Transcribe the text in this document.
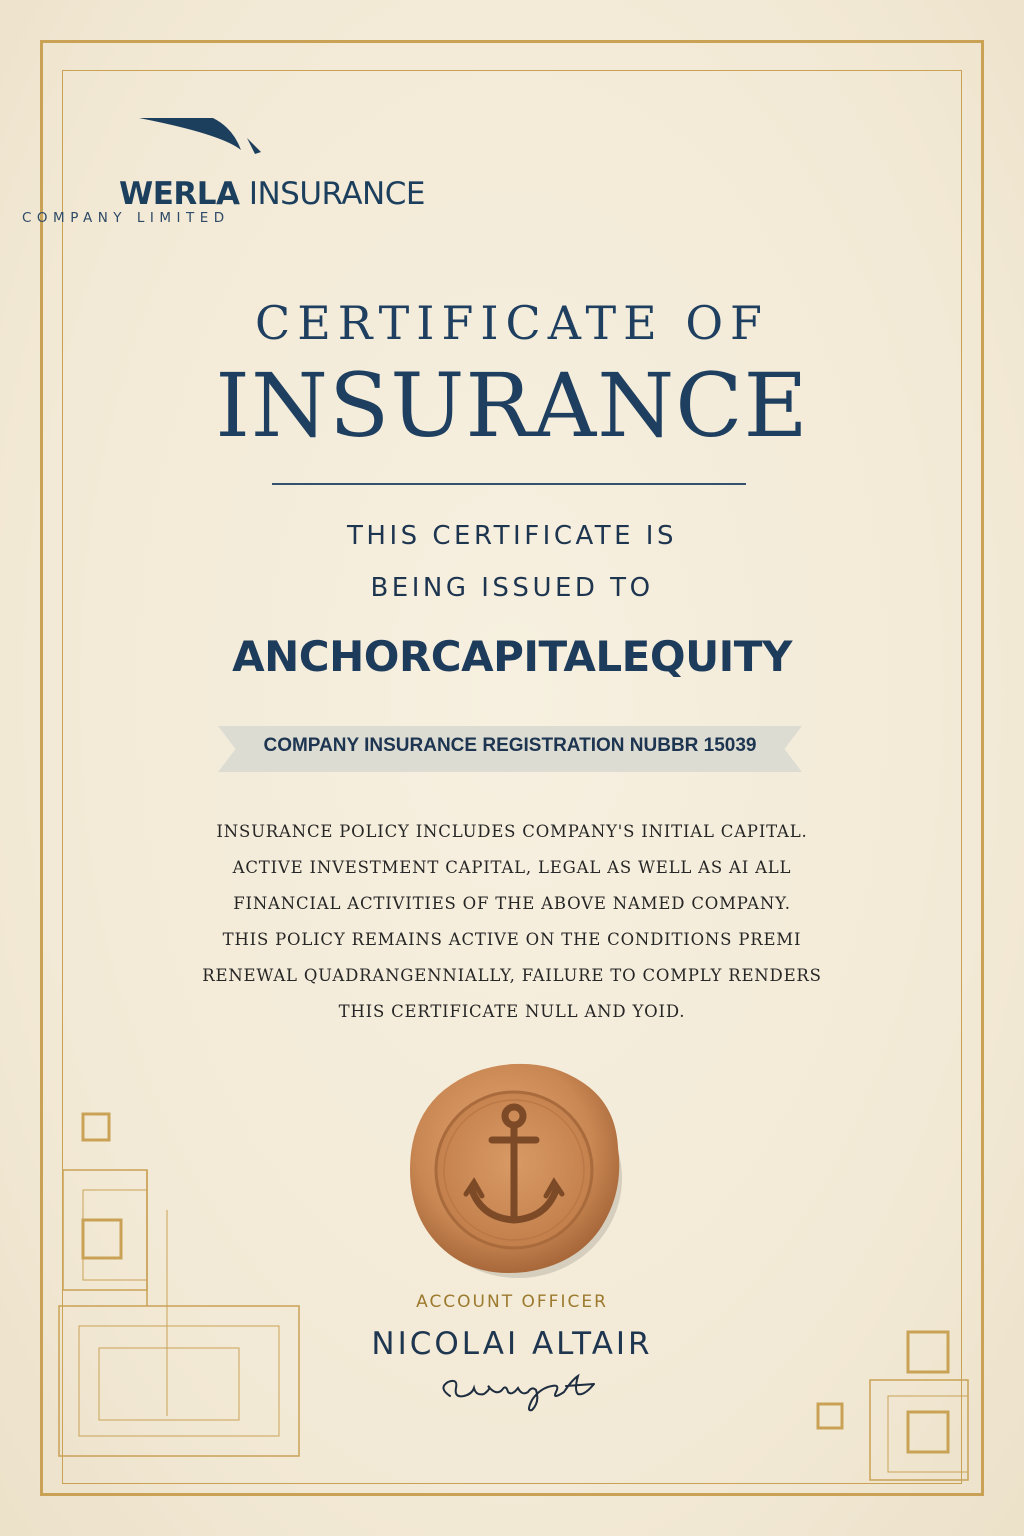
WERLA INSURANCE
COMPANY LIMITED
CERTIFICATE OF
INSURANCE
THIS CERTIFICATE IS
BEING ISSUED TO
ANCHORCAPITALEQUITY
COMPANY INSURANCE REGISTRATION NUBBR 15039
INSURANCE POLICY INCLUDES COMPANY'S INITIAL CAPITAL.
ACTIVE INVESTMENT CAPITAL, LEGAL AS WELL AS AI ALL
FINANCIAL ACTIVITIES OF THE ABOVE NAMED COMPANY.
THIS POLICY REMAINS ACTIVE ON THE CONDITIONS PREMI
RENEWAL QUADRANGENNIALLY, FAILURE TO COMPLY RENDERS
THIS CERTIFICATE NULL AND YOID.
ACCOUNT OFFICER
NICOLAI ALTAIR
